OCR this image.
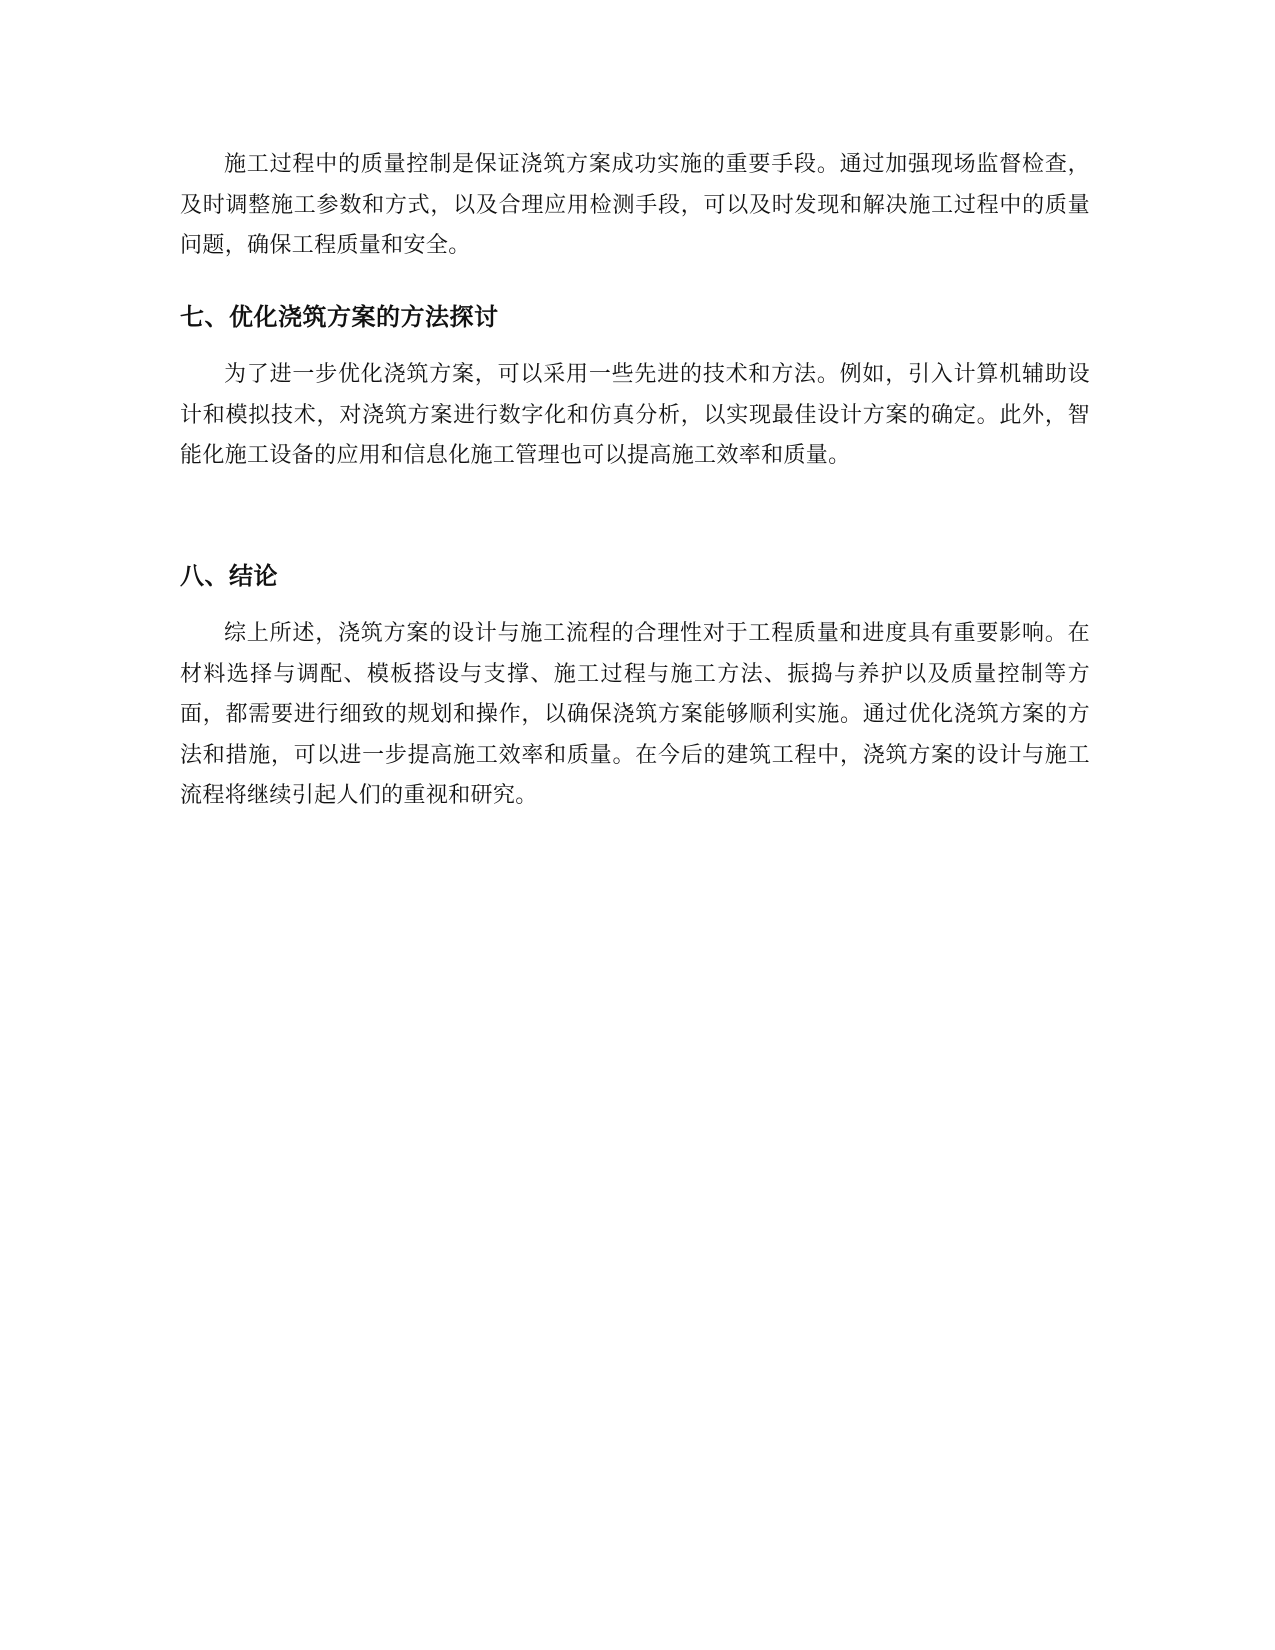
施工过程中的质量控制是保证浇筑方案成功实施的重要手段。通过加强现场监督检查，及时调整施工参数和方式，以及合理应用检测手段，可以及时发现和解决施工过程中的质量问题，确保工程质量和安全。

七、优化浇筑方案的方法探讨

为了进一步优化浇筑方案，可以采用一些先进的技术和方法。例如，引入计算机辅助设计和模拟技术，对浇筑方案进行数字化和仿真分析，以实现最佳设计方案的确定。此外，智能化施工设备的应用和信息化施工管理也可以提高施工效率和质量。

八、结论

综上所述，浇筑方案的设计与施工流程的合理性对于工程质量和进度具有重要影响。在材料选择与调配、模板搭设与支撑、施工过程与施工方法、振捣与养护以及质量控制等方面，都需要进行细致的规划和操作，以确保浇筑方案能够顺利实施。通过优化浇筑方案的方法和措施，可以进一步提高施工效率和质量。在今后的建筑工程中，浇筑方案的设计与施工流程将继续引起人们的重视和研究。
